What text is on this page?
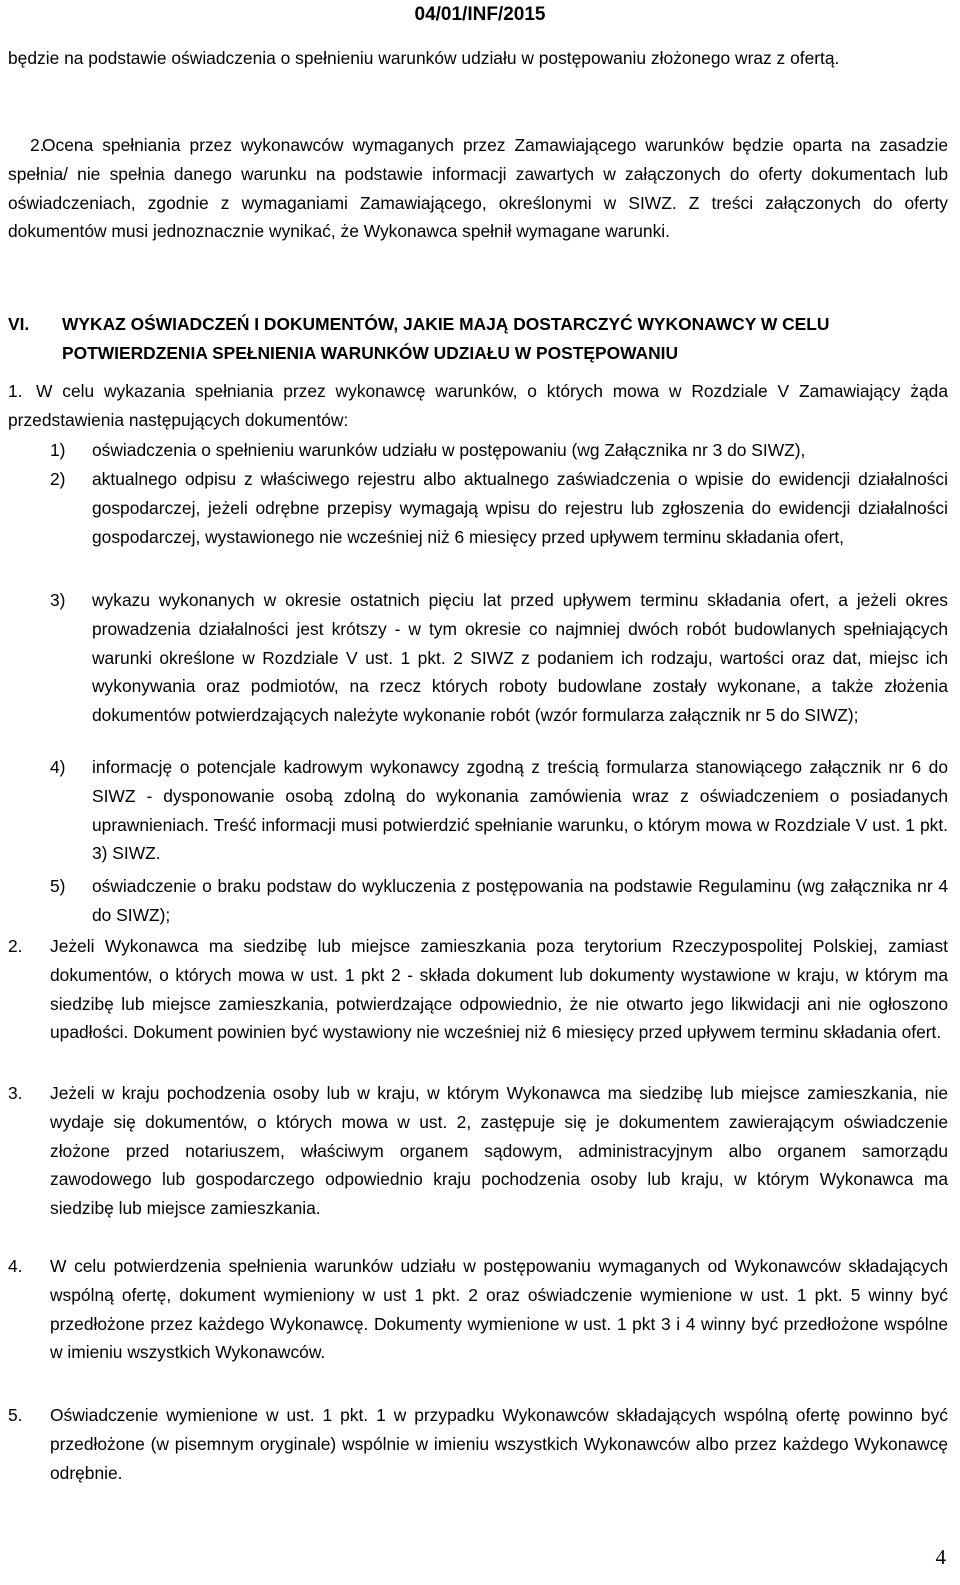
04/01/INF/2015
będzie na podstawie oświadczenia o spełnieniu warunków udziału w postępowaniu złożonego wraz z ofertą.
2.
Ocena spełniania przez wykonawców wymaganych przez Zamawiającego warunków będzie oparta na zasadzie spełnia/ nie spełnia danego warunku na podstawie informacji zawartych w załączonych do oferty dokumentach lub oświadczeniach, zgodnie z wymaganiami Zamawiającego, określonymi w SIWZ. Z treści załączonych do oferty dokumentów musi jednoznacznie wynikać, że Wykonawca spełnił wymagane warunki.
VI. WYKAZ OŚWIADCZEŃ I DOKUMENTÓW, JAKIE MAJĄ DOSTARCZYĆ WYKONAWCY W CELU POTWIERDZENIA SPEŁNIENIA WARUNKÓW UDZIAŁU W POSTĘPOWANIU
1. W celu wykazania spełniania przez wykonawcę warunków, o których mowa w Rozdziale V Zamawiający żąda przedstawienia następujących dokumentów:
1) oświadczenia o spełnieniu warunków udziału w postępowaniu (wg Załącznika nr 3 do SIWZ),
2) aktualnego odpisu z właściwego rejestru albo aktualnego zaświadczenia o wpisie do ewidencji działalności gospodarczej, jeżeli odrębne przepisy wymagają wpisu do rejestru lub zgłoszenia do ewidencji działalności gospodarczej, wystawionego nie wcześniej niż 6 miesięcy przed upływem terminu składania ofert,
3) wykazu wykonanych w okresie ostatnich pięciu lat przed upływem terminu składania ofert, a jeżeli okres prowadzenia działalności jest krótszy - w tym okresie co najmniej dwóch robót budowlanych spełniających warunki określone w Rozdziale V ust. 1 pkt. 2 SIWZ z podaniem ich rodzaju, wartości oraz dat, miejsc ich wykonywania oraz podmiotów, na rzecz których roboty budowlane zostały wykonane, a także złożenia dokumentów potwierdzających należyte wykonanie robót (wzór formularza załącznik nr 5 do SIWZ);
4) informację o potencjale kadrowym wykonawcy zgodną z treścią formularza stanowiącego załącznik nr 6 do SIWZ - dysponowanie osobą zdolną do wykonania zamówienia wraz z oświadczeniem o posiadanych uprawnieniach. Treść informacji musi potwierdzić spełnianie warunku, o którym mowa w Rozdziale V ust. 1 pkt. 3) SIWZ.
5) oświadczenie o braku podstaw do wykluczenia z postępowania na podstawie Regulaminu (wg załącznika nr 4 do SIWZ);
2. Jeżeli Wykonawca ma siedzibę lub miejsce zamieszkania poza terytorium Rzeczypospolitej Polskiej, zamiast dokumentów, o których mowa w ust. 1 pkt 2 - składa dokument lub dokumenty wystawione w kraju, w którym ma siedzibę lub miejsce zamieszkania, potwierdzające odpowiednio, że nie otwarto jego likwidacji ani nie ogłoszono upadłości. Dokument powinien być wystawiony nie wcześniej niż 6 miesięcy przed upływem terminu składania ofert.
3. Jeżeli w kraju pochodzenia osoby lub w kraju, w którym Wykonawca ma siedzibę lub miejsce zamieszkania, nie wydaje się dokumentów, o których mowa w ust. 2, zastępuje się je dokumentem zawierającym oświadczenie złożone przed notariuszem, właściwym organem sądowym, administracyjnym albo organem samorządu zawodowego lub gospodarczego odpowiednio kraju pochodzenia osoby lub kraju, w którym Wykonawca ma siedzibę lub miejsce zamieszkania.
4. W celu potwierdzenia spełnienia warunków udziału w postępowaniu wymaganych od Wykonawców składających wspólną ofertę, dokument wymieniony w ust 1 pkt. 2 oraz oświadczenie wymienione w ust. 1 pkt. 5 winny być przedłożone przez każdego Wykonawcę. Dokumenty wymienione w ust. 1 pkt 3 i 4 winny być przedłożone wspólne w imieniu wszystkich Wykonawców.
5. Oświadczenie wymienione w ust. 1 pkt. 1 w przypadku Wykonawców składających wspólną ofertę powinno być przedłożone (w pisemnym oryginale) wspólnie w imieniu wszystkich Wykonawców albo przez każdego Wykonawcę odrębnie.
4
